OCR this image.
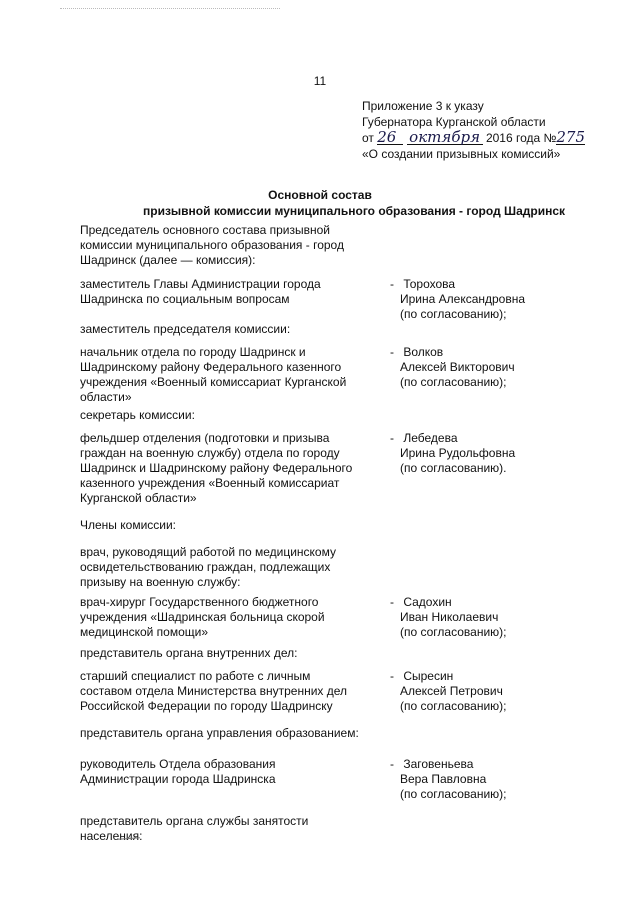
11
Приложение 3 к указу
Губернатора Курганской области
от 26 октября 2016 года №275
«О создании призывных комиссий»
Основной состав
призывной комиссии муниципального образования - город Шадринск
Председатель основного состава призывной
комиссии муниципального образования - город
Шадринск (далее — комиссия):
заместитель Главы Администрации города
Шадринска по социальным вопросам
- Торохова
Ирина Александровна
(по согласованию);
заместитель председателя комиссии:
начальник отдела по городу Шадринск и
Шадринскому району Федерального казенного
учреждения «Военный комиссариат Курганской
области»
- Волков
Алексей Викторович
(по согласованию);
секретарь комиссии:
фельдшер отделения (подготовки и призыва
граждан на военную службу) отдела по городу
Шадринск и Шадринскому району Федерального
казенного учреждения «Военный комиссариат
Курганской области»
- Лебедева
Ирина Рудольфовна
(по согласованию).
Члены комиссии:
врач, руководящий работой по медицинскому
освидетельствованию граждан, подлежащих
призыву на военную службу:
врач-хирург Государственного бюджетного
учреждения «Шадринская больница скорой
медицинской помощи»
- Садохин
Иван Николаевич
(по согласованию);
представитель органа внутренних дел:
старший специалист по работе с личным
составом отдела Министерства внутренних дел
Российской Федерации по городу Шадринску
- Сыресин
Алексей Петрович
(по согласованию);
представитель органа управления образованием:
руководитель Отдела образования
Администрации города Шадринска
- Заговеньева
Вера Павловна
(по согласованию);
представитель органа службы занятости
населения:
